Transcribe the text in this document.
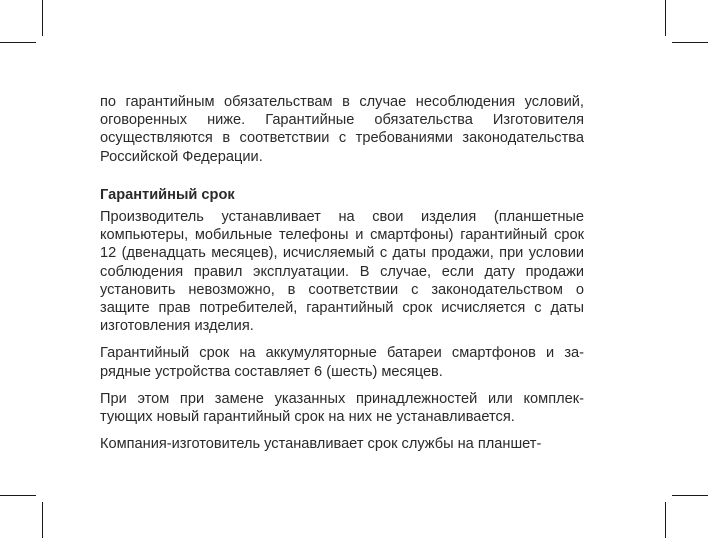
по гарантийным обязательствам в случае несоблюдения условий, оговоренных ниже. Гарантийные обязательства Изготовителя осуществляются в соответствии с требованиями законодательства Российской Федерации.

Гарантийный срок

Производитель устанавливает на свои изделия (планшетные компьютеры, мобильные телефоны и смартфоны) гарантийный срок 12 (двенадцать месяцев), исчисляемый с даты продажи, при условии соблюдения правил эксплуатации. В случае, если дату продажи установить невозможно, в соответствии с законодательством о защите прав потребителей, гарантийный срок исчисляется с даты изготовления изделия.

Гарантийный срок на аккумуляторные батареи смартфонов и зарядные устройства составляет 6 (шесть) месяцев.

При этом при замене указанных принадлежностей или комплектующих новый гарантийный срок на них не устанавливается.

Компания-изготовитель устанавливает срок службы на планшет-
